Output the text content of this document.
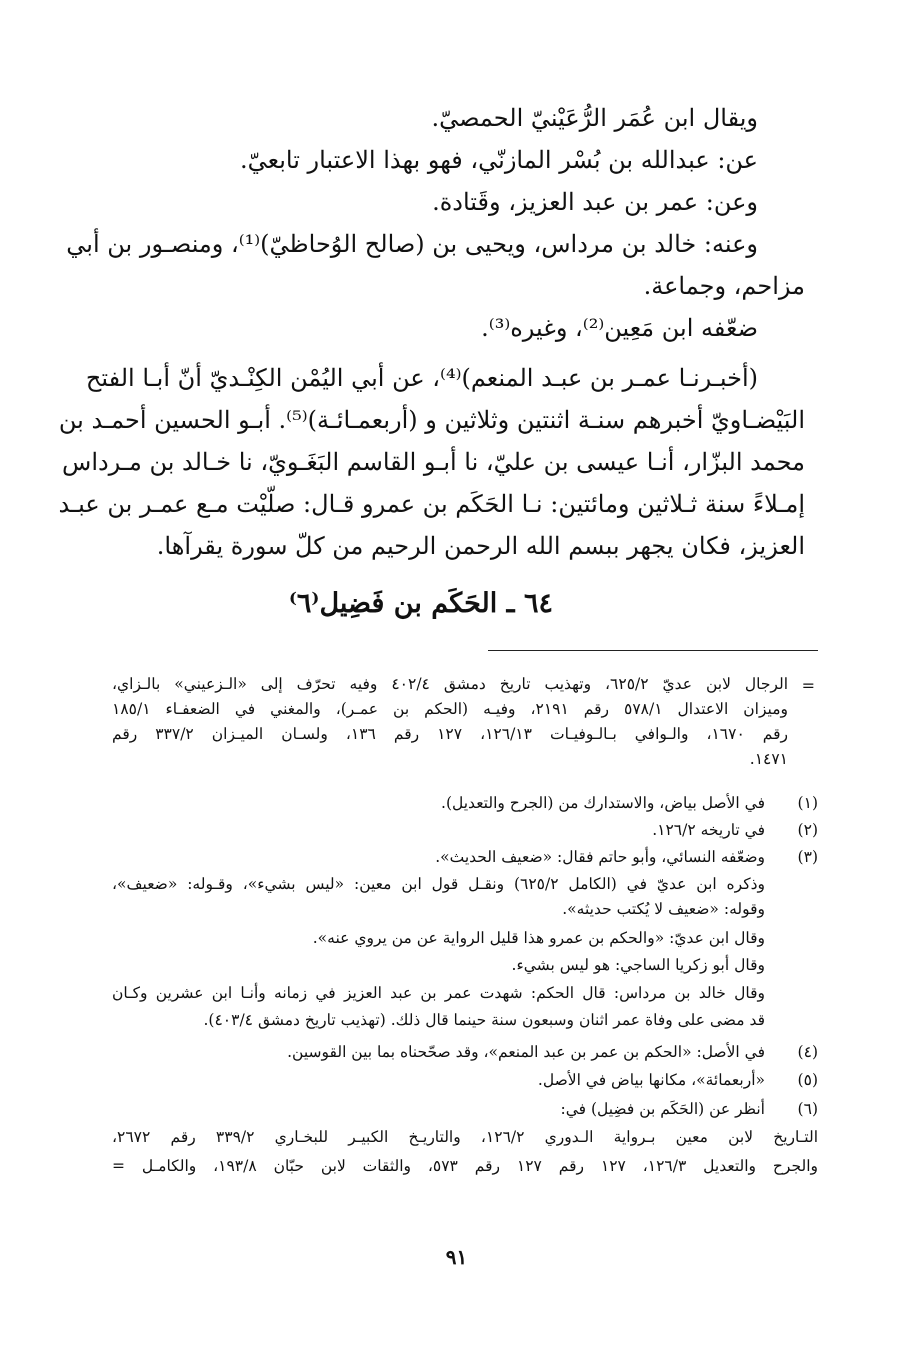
ويقال ابن عُمَر الرُّعَيْنيّ الحمصيّ.
عن: عبدالله بن بُسْر المازنّي، فهو بهذا الاعتبار تابعيّ.
وعن: عمر بن عبد العزيز، وقَتادة.
وعنه: خالد بن مرداس، ويحيى بن (صالح الوُحاظيّ)⁽¹⁾، ومنصـور بن أبي
مزاحم، وجماعة.
ضعّفه ابن مَعِين⁽²⁾، وغيره⁽³⁾.
(أخبـرنـا عمـر بن عبـد المنعم)⁽⁴⁾، عن أبي اليُمْن الكِنْـديّ أنّ أبـا الفتح
البَيْضـاويّ أخبرهم سنـة اثنتين وثلاثين و (أربعمـائـة)⁽⁵⁾. أبـو الحسين أحمـد بن
محمد البزّار، أنـا عيسى بن عليّ، نا أبـو القاسم البَغَـويّ، نا خـالد بن مـرداس
إمـلاءً سنة ثـلاثين ومائتين: نـا الحَكَم بن عمرو قـال: صلّيْت مـع عمـر بن عبـد
العزيز، فكان يجهر ببسم الله الرحمن الرحيم من كلّ سورة يقرآها.
٦٤ ـ الحَكَم بن فَضِيل⁽٦⁾
=
الرجال لابن عديّ ٦٢٥/٢، وتهذيب تاريخ دمشق ٤٠٢/٤ وفيه تحرّف إلى «الـزعيني» بالـزاي،
وميزان الاعتدال ٥٧٨/١ رقم ٢١٩١، وفيـه (الحكم بن عمـر)، والمغني في الضعفـاء ١٨٥/١
رقم ١٦٧٠، والـوافي بـالـوفيـات ١٢٦/١٣، ١٢٧ رقم ١٣٦، ولسـان الميـزان ٣٣٧/٢ رقم
١٤٧١.
(١)
في الأصل بياض، والاستدارك من (الجرح والتعديل).
(٢)
في تاريخه ١٢٦/٢.
(٣)
وضعّفه النسائي، وأبو حاتم فقال: «ضعيف الحديث».
وذكره ابن عديّ في (الكامل ٦٢٥/٢) ونقـل قول ابن معين: «ليس بشيء»، وقـوله: «ضعيف»،
وقوله: «ضعيف لا يُكتب حديثه».
وقال ابن عديّ: «والحكم بن عمرو هذا قليل الرواية عن من يروي عنه».
وقال أبو زكريا الساجي: هو ليس بشيء.
وقال خالد بن مرداس: قال الحكم: شهدت عمر بن عبد العزيز في زمانه وأنـا ابن عشرين وكـان
قد مضى على وفاة عمر اثنان وسبعون سنة حينما قال ذلك. (تهذيب تاريخ دمشق ٤٠٣/٤).
(٤)
في الأصل: «الحكم بن عمر بن عبد المنعم»، وقد صحّحناه بما بين القوسين.
(٥)
«أربعمائة»، مكانها بياض في الأصل.
(٦)
أنظر عن (الحَكَم بن فضِيل) في:
التـاريخ لابن معين بـرواية الـدوري ١٢٦/٢، والتاريـخ الكبيـر للبخـاري ٣٣٩/٢ رقم ٢٦٧٢،
والجرح والتعديل ١٢٦/٣، ١٢٧ رقم ١٢٧ رقم ٥٧٣، والثقات لابن حبّان ١٩٣/٨، والكامـل =
٩١
